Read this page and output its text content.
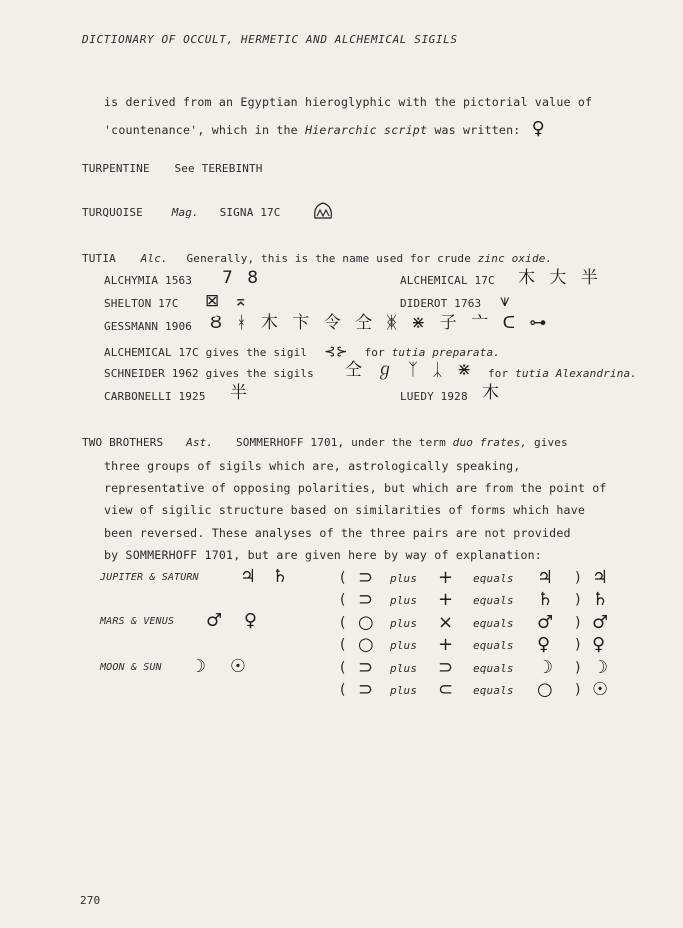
DICTIONARY OF OCCULT, HERMETIC AND ALCHEMICAL SIGILS
is derived from an Egyptian hieroglyphic with the pictorial value of
'countenance', which in the Hierarchic script was written: ♀
TURPENTINE See TEREBINTH
TURQUOISE	Mag. SIGNA 17C
TUTIA Alc. Generally, this is the name used for crude zinc oxide.
ALCHYMIA 1563 7 8	ALCHEMICAL 17C 木 大 半
SHELTON 17C ⊠ ⌅	DIDEROT 1763 ⩛
GESSMANN 1906 Ȣ ᚼ 木 卞 令 仝 ᛤ ⋇ 子 亠 ᑕ ⊶
ALCHEMICAL 17C gives the sigil ⊰⊱ for tutia preparata.
SCHNEIDER 1962 gives the sigils 仝 ℊ ᛉ ᛣ ⋇	for tutia Alexandrina.
CARBONELLI 1925 半	LUEDY 1928 木
TWO BROTHERS Ast. SOMMERHOFF 1701, under the term duo frates, gives
three groups of sigils which are, astrologically speaking,
representative of opposing polarities, but which are from the point of
view of sigilic structure based on similarities of forms which have
been reversed. These analyses of the three pairs are not provided
by SOMMERHOFF 1701, but are given here by way of explanation:
JUPITER & SATURN ♃ ♄
MARS & VENUS ♂ ♀
MOON & SUN ☽ ☉
( ⊃ plus + equals ♃ ) ♃
( ⊃ plus + equals ♄ ) ♄
( ○ plus × equals ♂ ) ♂
( ○ plus + equals ♀ ) ♀
( ⊃ plus ⊃ equals ☽ ) ☽
( ⊃ plus ⊂ equals ○ ) ☉
270
